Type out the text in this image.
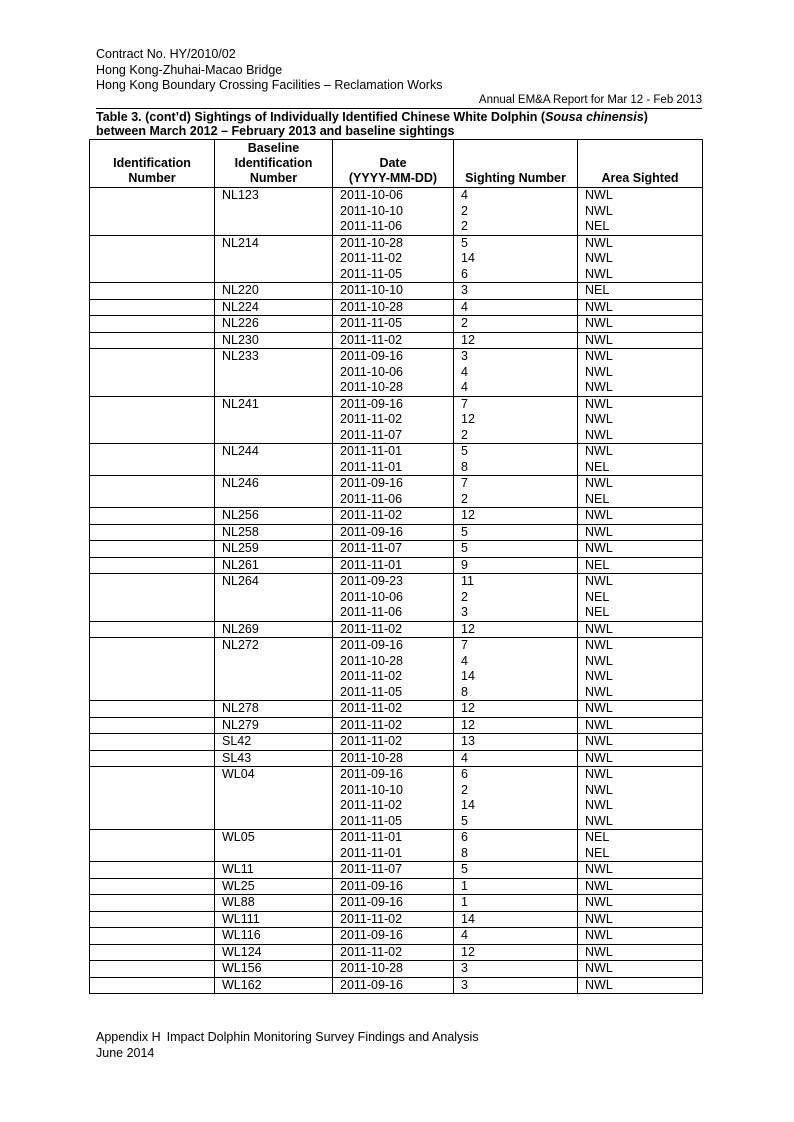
Contract No. HY/2010/02
Hong Kong-Zhuhai-Macao Bridge
Hong Kong Boundary Crossing Facilities – Reclamation Works
Annual EM&A Report for Mar 12 - Feb 2013
Table 3. (cont’d) Sightings of Individually Identified Chinese White Dolphin (Sousa chinensis)
between March 2012 – February 2013 and baseline sightings
Identification
Number	Baseline
Identification
Number	Date
(YYYY-MM-DD)	Sighting Number	Area Sighted
	NL123	2011-10-06	4	NWL
		2011-10-10	2	NWL
		2011-11-06	2	NEL
	NL214	2011-10-28	5	NWL
		2011-11-02	14	NWL
		2011-11-05	6	NWL
	NL220	2011-10-10	3	NEL
	NL224	2011-10-28	4	NWL
	NL226	2011-11-05	2	NWL
	NL230	2011-11-02	12	NWL
	NL233	2011-09-16	3	NWL
		2011-10-06	4	NWL
		2011-10-28	4	NWL
	NL241	2011-09-16	7	NWL
		2011-11-02	12	NWL
		2011-11-07	2	NWL
	NL244	2011-11-01	5	NWL
		2011-11-01	8	NEL
	NL246	2011-09-16	7	NWL
		2011-11-06	2	NEL
	NL256	2011-11-02	12	NWL
	NL258	2011-09-16	5	NWL
	NL259	2011-11-07	5	NWL
	NL261	2011-11-01	9	NEL
	NL264	2011-09-23	11	NWL
		2011-10-06	2	NEL
		2011-11-06	3	NEL
	NL269	2011-11-02	12	NWL
	NL272	2011-09-16	7	NWL
		2011-10-28	4	NWL
		2011-11-02	14	NWL
		2011-11-05	8	NWL
	NL278	2011-11-02	12	NWL
	NL279	2011-11-02	12	NWL
	SL42	2011-11-02	13	NWL
	SL43	2011-10-28	4	NWL
	WL04	2011-09-16	6	NWL
		2011-10-10	2	NWL
		2011-11-02	14	NWL
		2011-11-05	5	NWL
	WL05	2011-11-01	6	NEL
		2011-11-01	8	NEL
	WL11	2011-11-07	5	NWL
	WL25	2011-09-16	1	NWL
	WL88	2011-09-16	1	NWL
	WL111	2011-11-02	14	NWL
	WL116	2011-09-16	4	NWL
	WL124	2011-11-02	12	NWL
	WL156	2011-10-28	3	NWL
	WL162	2011-09-16	3	NWL
Appendix H Impact Dolphin Monitoring Survey Findings and Analysis
June 2014
